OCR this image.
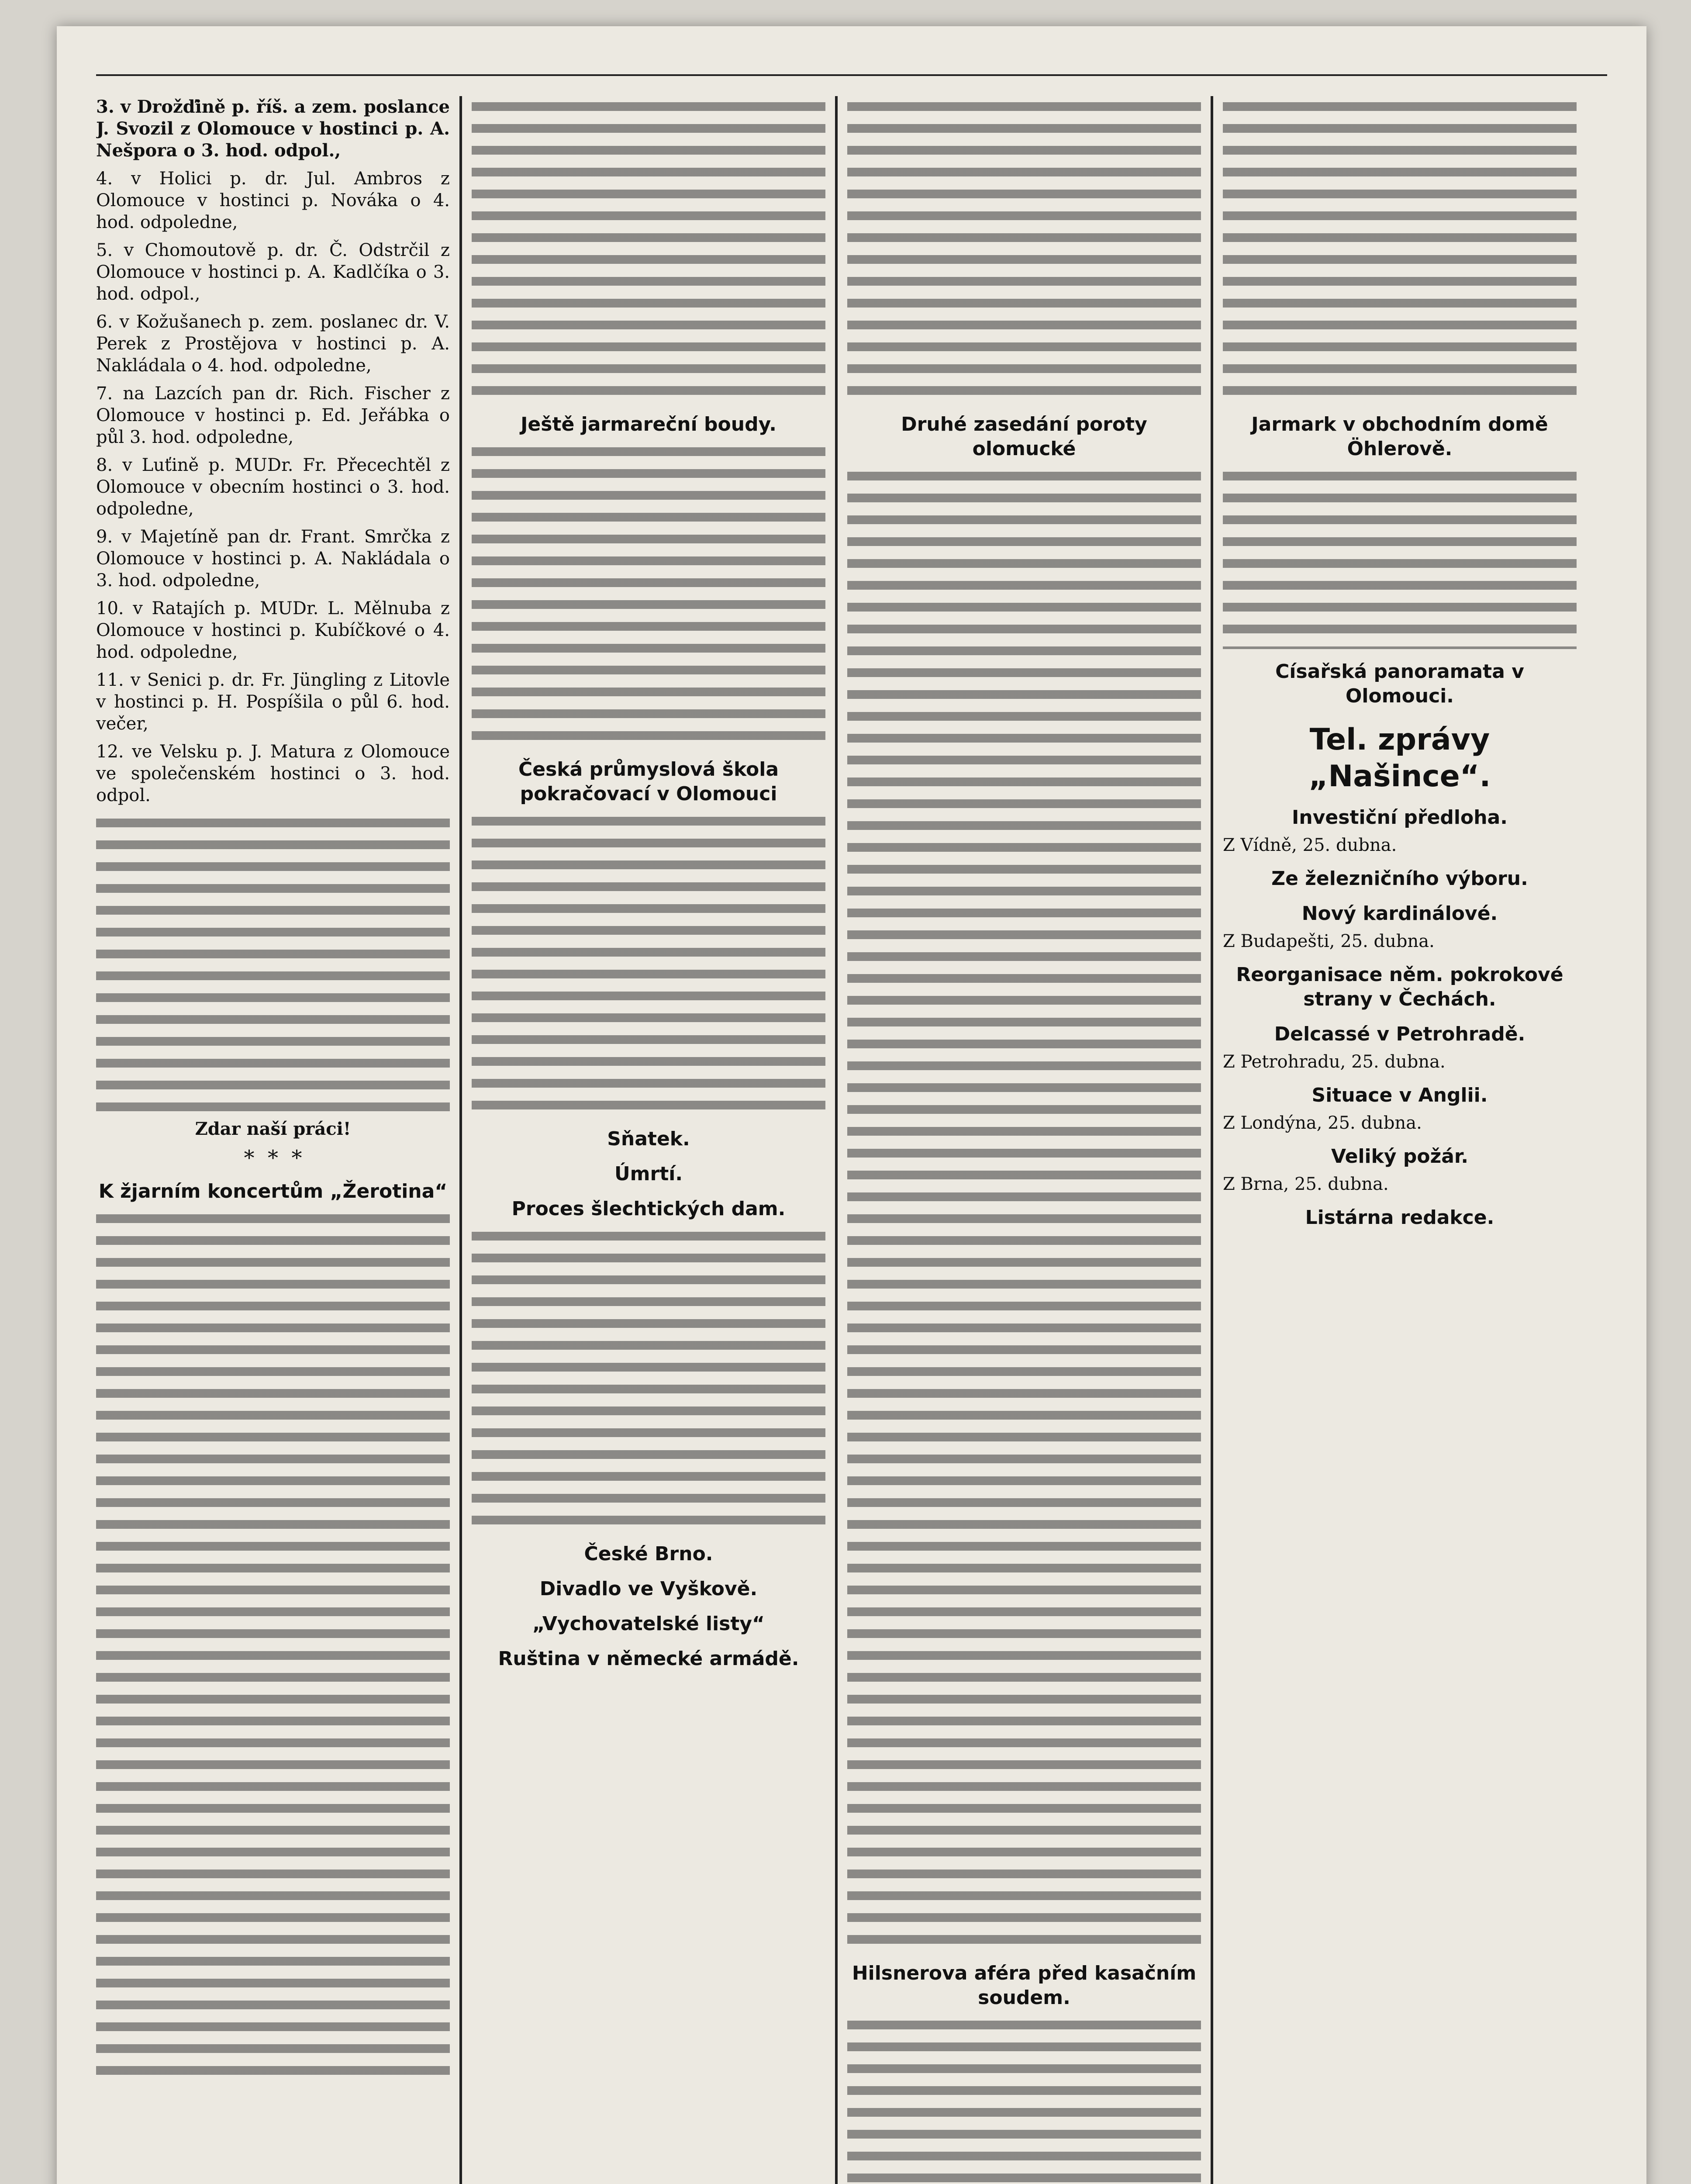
3. v Drožďině p. říš. a zem. poslance J. Svozil z Olomouce v hostinci p. A. Nešpora o 3. hod. odpol.,

4. v Holici p. dr. Jul. Ambros z Olomouce v hostinci p. Nováka o 4. hod. odpoledne,

5. v Chomoutově p. dr. Č. Odstrčil z Olomouce v hostinci p. A. Kadlčíka o 3. hod. odpol.,

6. v Kožušanech p. zem. poslanec dr. V. Perek z Prostějova v hostinci p. A. Nakládala o 4. hod. odpoledne,

7. na Lazcích pan dr. Rich. Fischer z Olomouce v hostinci p. Ed. Jeřábka o půl 3. hod. odpoledne,

8. v Luťině p. MUDr. Fr. Přecechtěl z Olomouce v obecním hostinci o 3. hod. odpoledne,

9. v Majetíně pan dr. Frant. Smrčka z Olomouce v hostinci p. A. Nakládala o 3. hod. odpoledne,

10. v Ratajích p. MUDr. L. Mělnuba z Olomouce v hostinci p. Kubíčkové o 4. hod. odpoledne,

11. v Senici p. dr. Fr. Jüngling z Litovle v hostinci p. H. Pospíšila o půl 6. hod. večer,

12. ve Velsku p. J. Matura z Olomouce ve společenském hostinci o 3. hod. odpol.

Zdar naší práci!

*  *  *
K žjarním koncertům „Žerotina“
Ještě jarmareční boudy.
Česká průmyslová škola pokračovací v Olomouci
Sňatek.
Úmrtí.
Proces šlechtických dam.
České Brno.
Divadlo ve Vyškově.
„Vychovatelské listy“
Ruština v německé armádě.
Druhé zasedání poroty olomucké
Hilsnerova aféra před kasačním soudem.
Jarmark v obchodním domě Öhlerově.
Císařská panoramata v Olomouci.
Tel. zprávy „Našince“.
Investiční předloha.

Z Vídně, 25. dubna.

Ze železničního výboru.
Nový kardinálové.

Z Budapešti, 25. dubna.

Reorganisace něm. pokrokové strany v Čechách.
Delcassé v Petrohradě.

Z Petrohradu, 25. dubna.

Situace v Anglii.

Z Londýna, 25. dubna.

Veliký požár.

Z Brna, 25. dubna.

Listárna redakce.
